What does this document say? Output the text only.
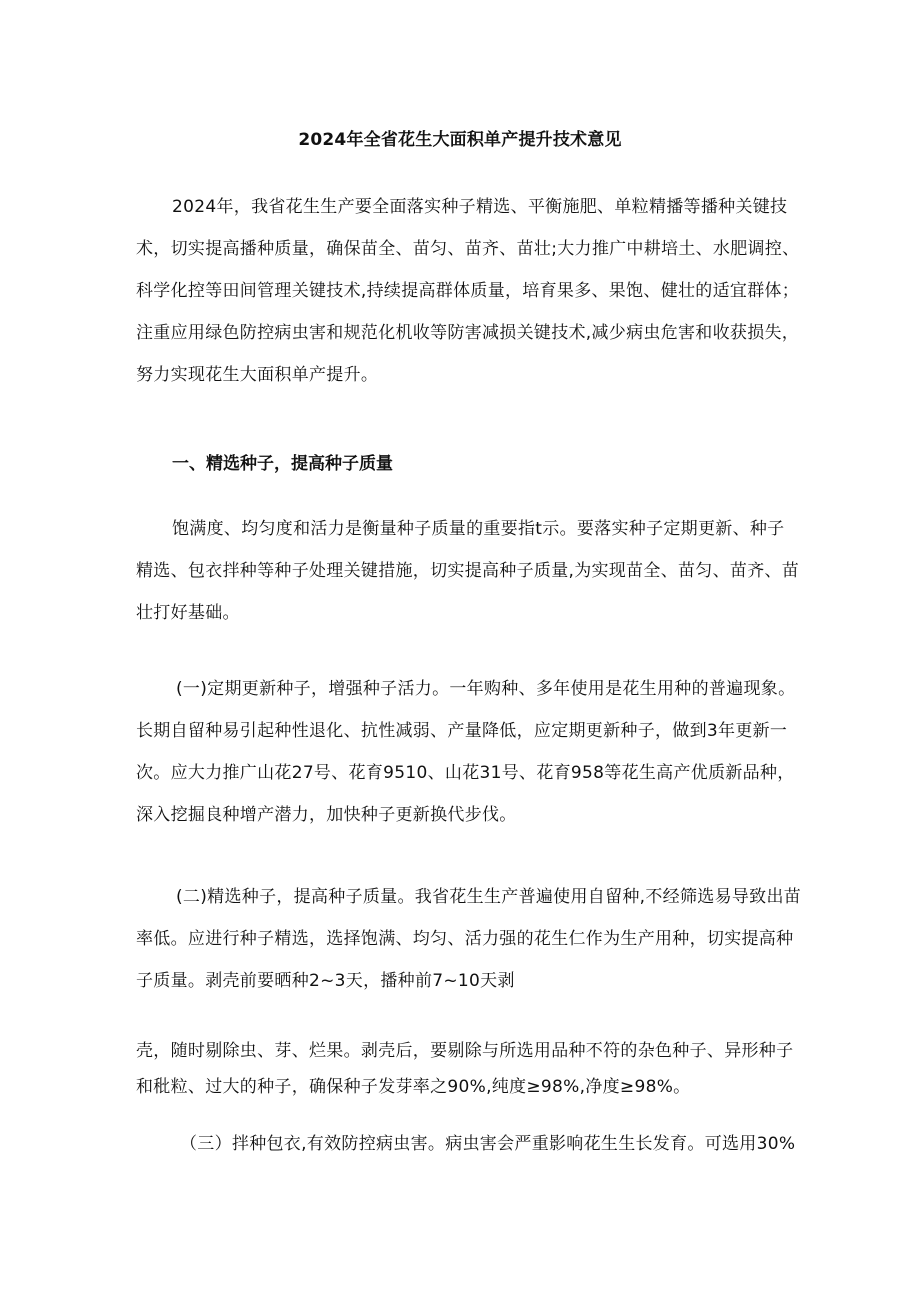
2024年全省花生大面积单产提升技术意见
2024年，我省花生生产要全面落实种子精选、平衡施肥、单粒精播等播种关键技
术，切实提高播种质量，确保苗全、苗匀、苗齐、苗壮;大力推广中耕培土、水肥调控、
科学化控等田间管理关键技术,持续提高群体质量，培育果多、果饱、健壮的适宜群体；
注重应用绿色防控病虫害和规范化机收等防害减损关键技术,减少病虫危害和收获损失，
努力实现花生大面积单产提升。
一、精选种子，提高种子质量
饱满度、均匀度和活力是衡量种子质量的重要指t示。要落实种子定期更新、种子
精选、包衣拌种等种子处理关键措施，切实提高种子质量,为实现苗全、苗匀、苗齐、苗
壮打好基础。
(一)定期更新种子，增强种子活力。一年购种、多年使用是花生用种的普遍现象。
长期自留种易引起种性退化、抗性减弱、产量降低，应定期更新种子，做到3年更新一
次。应大力推广山花27号、花育9510、山花31号、花育958等花生高产优质新品种，
深入挖掘良种增产潜力，加快种子更新换代步伐。
(二)精选种子，提高种子质量。我省花生生产普遍使用自留种,不经筛选易导致出苗
率低。应进行种子精选，选择饱满、均匀、活力强的花生仁作为生产用种，切实提高种
子质量。剥壳前要晒种2~3天，播种前7~10天剥
壳，随时剔除虫、芽、烂果。剥壳后，要剔除与所选用品种不符的杂色种子、异形种子
和秕粒、过大的种子，确保种子发芽率之90%,纯度≥98%,净度≥98%。
（三）拌种包衣,有效防控病虫害。病虫害会严重影响花生生长发育。可选用30%
